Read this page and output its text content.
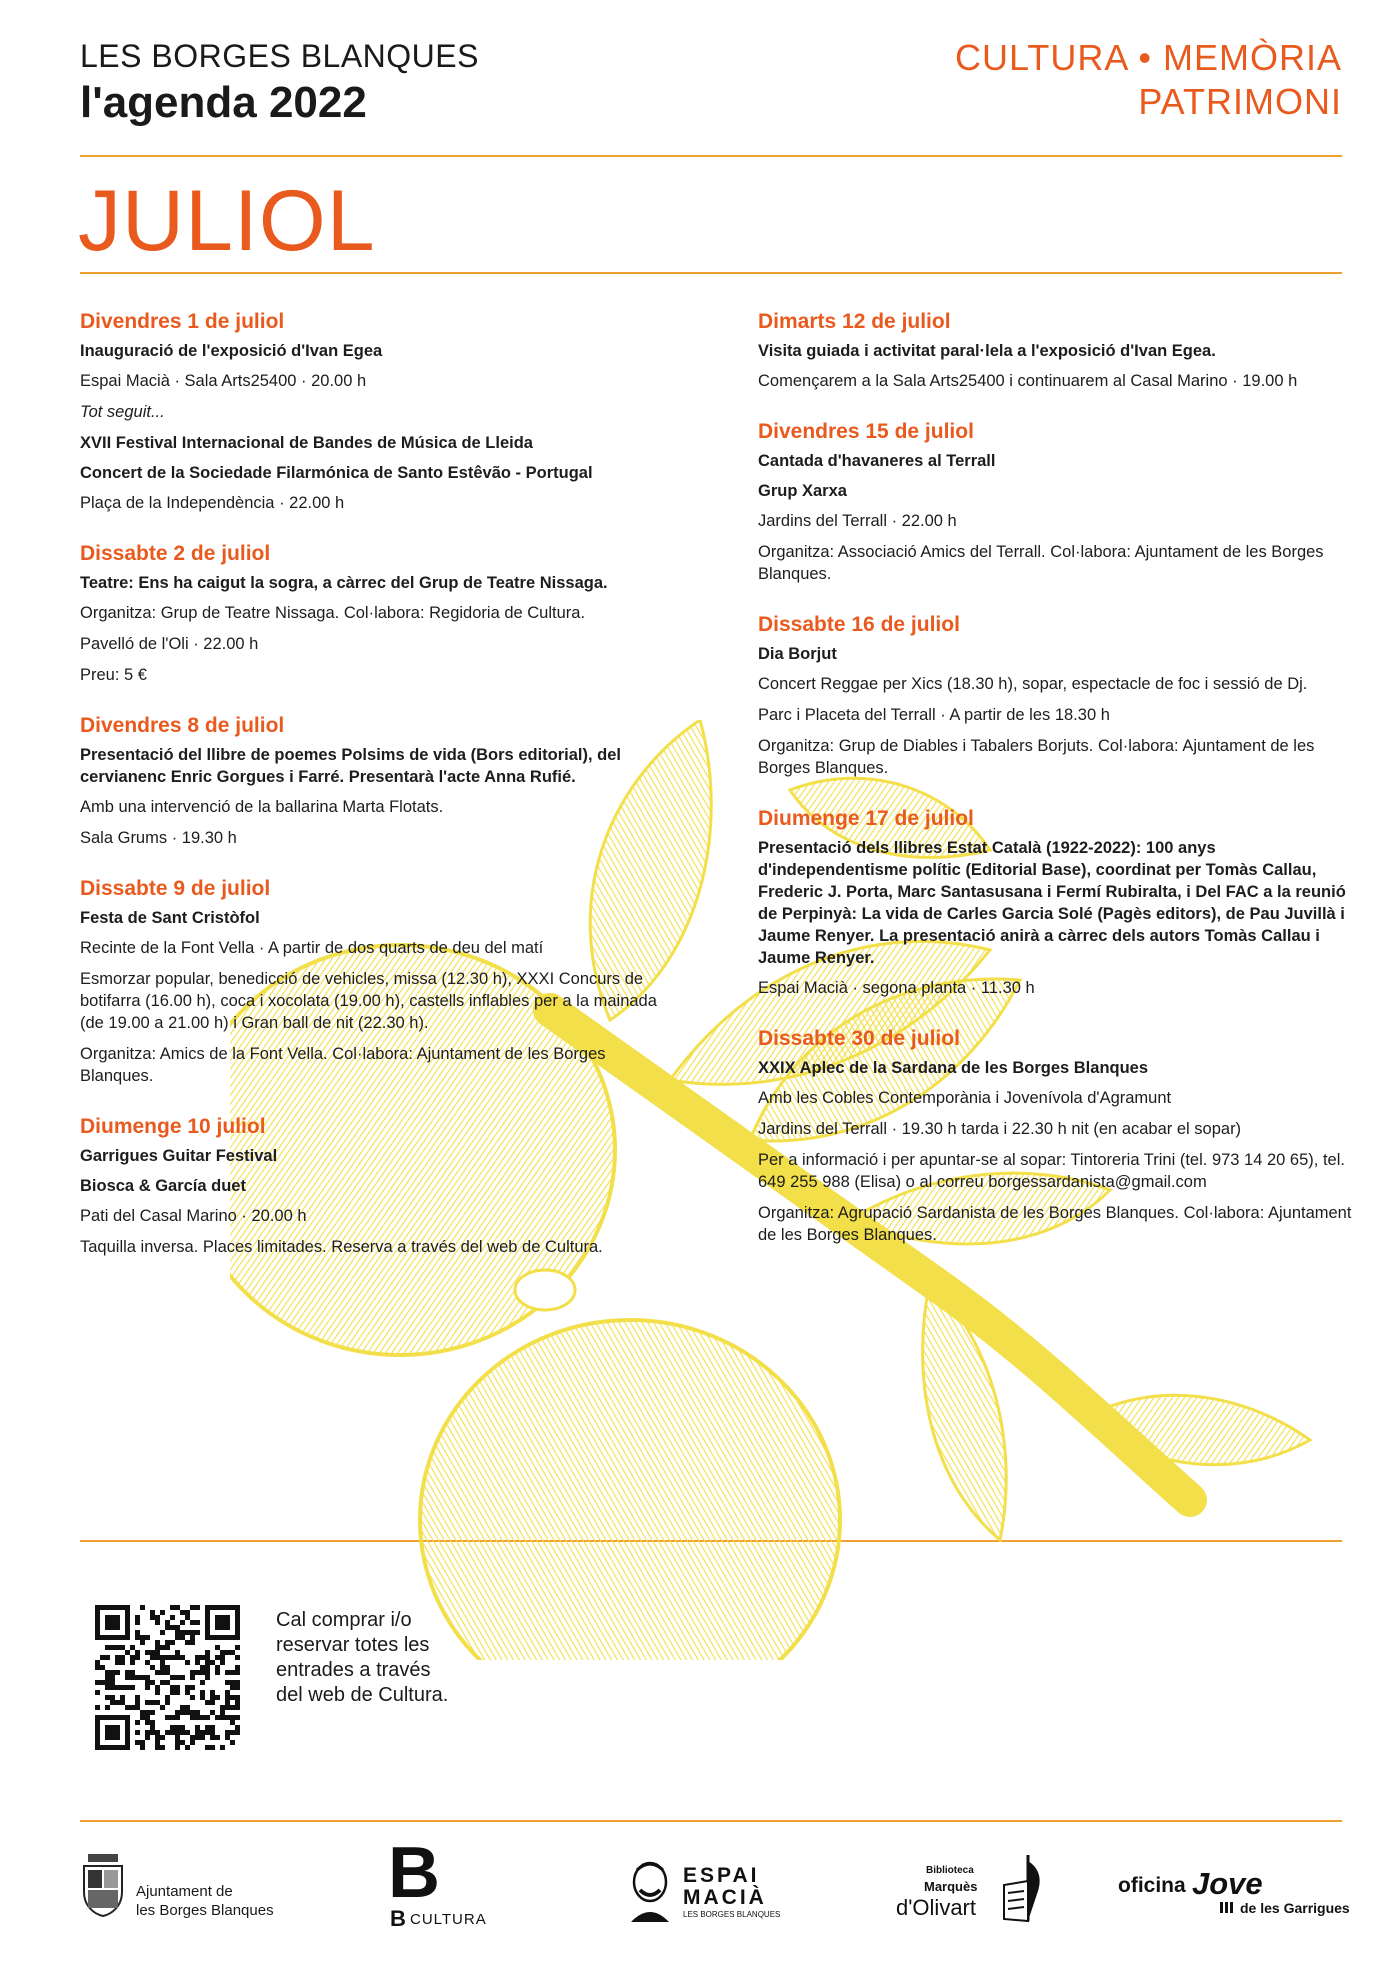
LES BORGES BLANQUES
l'agenda 2022
CULTURA • MEMÒRIA
PATRIMONI
JULIOL
Divendres 1 de juliol
Inauguració de l'exposició d'Ivan Egea
Espai Macià · Sala Arts25400 · 20.00 h
Tot seguit...
XVII Festival Internacional de Bandes de Música de Lleida
Concert de la Sociedade Filarmónica de Santo Estêvão - Portugal
Plaça de la Independència · 22.00 h
Dissabte 2 de juliol
Teatre: Ens ha caigut la sogra, a càrrec del Grup de Teatre Nissaga.
Organitza: Grup de Teatre Nissaga. Col·labora: Regidoria de Cultura.
Pavelló de l'Oli · 22.00 h
Preu: 5 €
Divendres 8 de juliol
Presentació del llibre de poemes Polsims de vida (Bors editorial), del cervianenc Enric Gorgues i Farré. Presentarà l'acte Anna Rufié.
Amb una intervenció de la ballarina Marta Flotats.
Sala Grums · 19.30 h
Dissabte 9 de juliol
Festa de Sant Cristòfol
Recinte de la Font Vella · A partir de dos quarts de deu del matí
Esmorzar popular, benedicció de vehicles, missa (12.30 h), XXXI Concurs de botifarra (16.00 h), coca i xocolata (19.00 h), castells inflables per a la mainada (de 19.00 a 21.00 h) i Gran ball de nit (22.30 h).
Organitza: Amics de la Font Vella. Col·labora: Ajuntament de les Borges Blanques.
Diumenge 10 juliol
Garrigues Guitar Festival
Biosca & García duet
Pati del Casal Marino · 20.00 h
Taquilla inversa. Places limitades. Reserva a través del web de Cultura.
Dimarts 12 de juliol
Visita guiada i activitat paral·lela a l'exposició d'Ivan Egea.
Començarem a la Sala Arts25400 i continuarem al Casal Marino · 19.00 h
Divendres 15 de juliol
Cantada d'havaneres al Terrall
Grup Xarxa
Jardins del Terrall · 22.00 h
Organitza: Associació Amics del Terrall. Col·labora: Ajuntament de les Borges Blanques.
Dissabte 16 de juliol
Dia Borjut
Concert Reggae per Xics (18.30 h), sopar, espectacle de foc i sessió de Dj.
Parc i Placeta del Terrall · A partir de les 18.30 h
Organitza: Grup de Diables i Tabalers Borjuts. Col·labora: Ajuntament de les Borges Blanques.
Diumenge 17 de juliol
Presentació dels llibres Estat Català (1922-2022): 100 anys d'independentisme polític (Editorial Base), coordinat per Tomàs Callau, Frederic J. Porta, Marc Santasusana i Fermí Rubiralta, i Del FAC a la reunió de Perpinyà: La vida de Carles Garcia Solé (Pagès editors), de Pau Juvillà i Jaume Renyer. La presentació anirà a càrrec dels autors Tomàs Callau i Jaume Renyer.
Espai Macià · segona planta · 11.30 h
Dissabte 30 de juliol
XXIX Aplec de la Sardana de les Borges Blanques
Amb les Cobles Contemporània i Jovenívola d'Agramunt
Jardins del Terrall · 19.30 h tarda i 22.30 h nit (en acabar el sopar)
Per a informació i per apuntar-se al sopar: Tintoreria Trini (tel. 973 14 20 65), tel. 649 255 988 (Elisa) o al correu borgessardanista@gmail.com
Organitza: Agrupació Sardanista de les Borges Blanques. Col·labora: Ajuntament de les Borges Blanques.
Cal comprar i/o reservar totes les entrades a través del web de Cultura.
Ajuntament de
les Borges Blanques	B
B CULTURA
ESPAI
MACIÀ
LES BORGES BLANQUES
Biblioteca
Marquès
d'Olivart
oficina Jove
de les Garrigues
